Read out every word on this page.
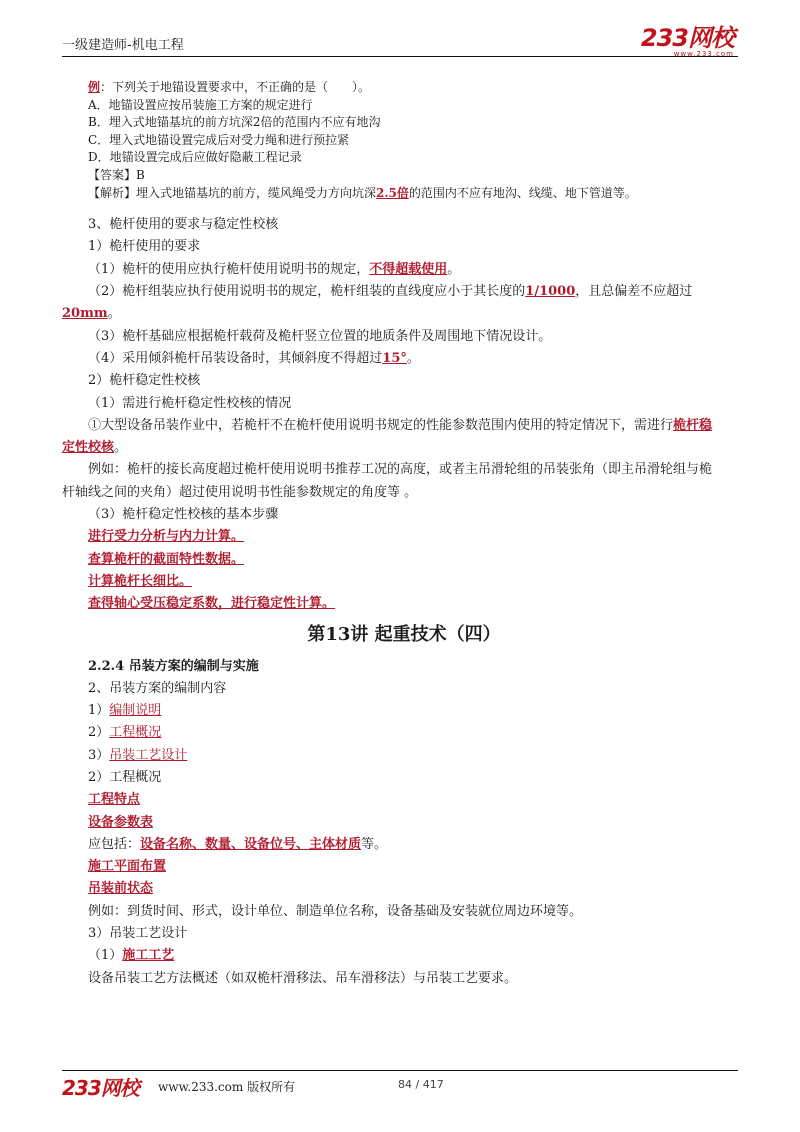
一级建造师-机电工程	233网校
www.233.com
例：下列关于地锚设置要求中，不正确的是（　　）。
A．地锚设置应按吊装施工方案的规定进行
B．埋入式地锚基坑的前方坑深2倍的范围内不应有地沟
C．埋入式地锚设置完成后对受力绳和进行预拉紧
D．地锚设置完成后应做好隐蔽工程记录
【答案】B
【解析】埋入式地锚基坑的前方，缆风绳受力方向坑深2.5倍的范围内不应有地沟、线缆、地下管道等。
3、桅杆使用的要求与稳定性校核
1）桅杆使用的要求
（1）桅杆的使用应执行桅杆使用说明书的规定，不得超载使用。
（2）桅杆组装应执行使用说明书的规定，桅杆组装的直线度应小于其长度的1/1000，且总偏差不应超过20mm。
（3）桅杆基础应根据桅杆载荷及桅杆竖立位置的地质条件及周围地下情况设计。
（4）采用倾斜桅杆吊装设备时，其倾斜度不得超过15°。
2）桅杆稳定性校核
（1）需进行桅杆稳定性校核的情况
①大型设备吊装作业中，若桅杆不在桅杆使用说明书规定的性能参数范围内使用的特定情况下，需进行桅杆稳定性校核。
例如：桅杆的接长高度超过桅杆使用说明书推荐工况的高度，或者主吊滑轮组的吊装张角（即主吊滑轮组与桅杆轴线之间的夹角）超过使用说明书性能参数规定的角度等 。
（3）桅杆稳定性校核的基本步骤
进行受力分析与内力计算。
查算桅杆的截面特性数据。
计算桅杆长细比。
查得轴心受压稳定系数，进行稳定性计算。
第13讲 起重技术（四）
2.2.4 吊装方案的编制与实施
2、吊装方案的编制内容
1）编制说明
2）工程概况
3）吊装工艺设计
2）工程概况
工程特点
设备参数表
应包括：设备名称、数量、设备位号、主体材质等。
施工平面布置
吊装前状态
例如：到货时间、形式，设计单位、制造单位名称，设备基础及安装就位周边环境等。
3）吊装工艺设计
（1）施工工艺
设备吊装工艺方法概述（如双桅杆滑移法、吊车滑移法）与吊装工艺要求。
233网校 www.233.com 版权所有	84 / 417
